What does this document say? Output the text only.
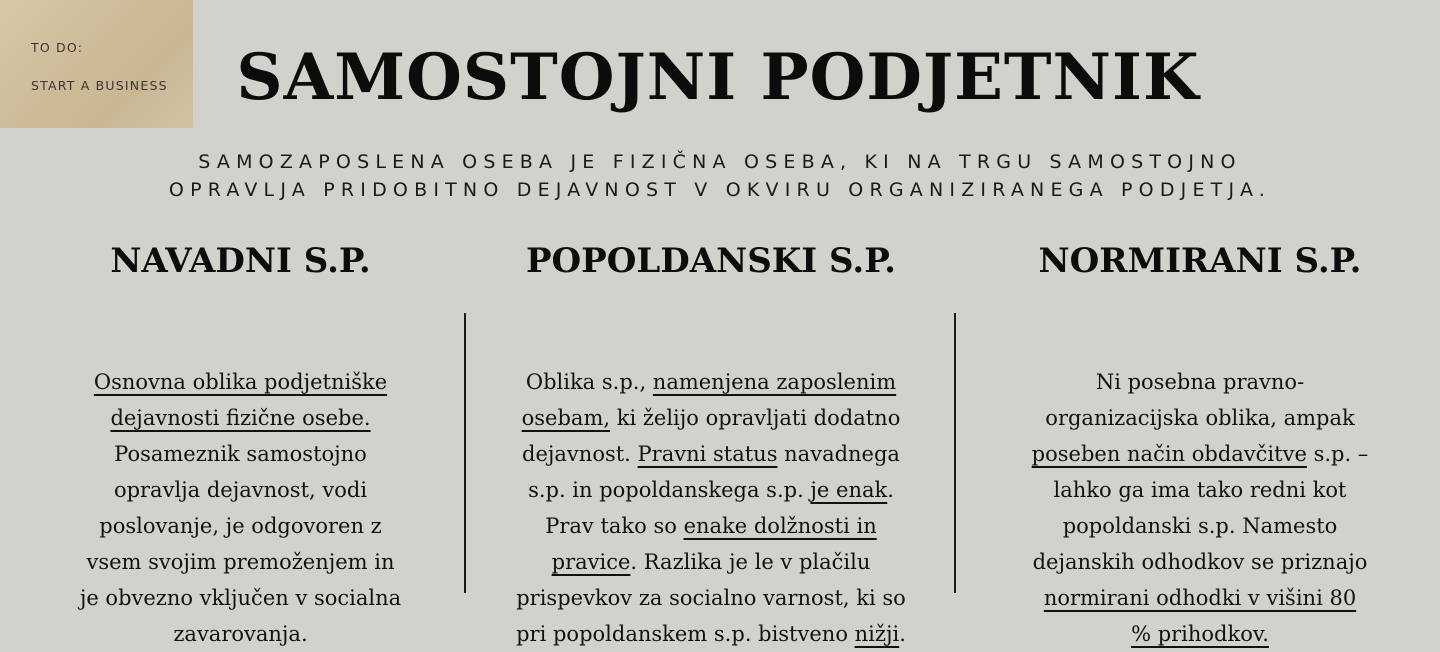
TO DO:
START A BUSINESS	SAMOSTOJNI PODJETNIK
SAMOZAPOSLENA OSEBA JE FIZIČNA OSEBA, KI NA TRGU SAMOSTOJNO
OPRAVLJA PRIDOBITNO DEJAVNOST V OKVIRU ORGANIZIRANEGA PODJETJA.
NAVADNI S.P.
Osnovna oblika podjetniške
dejavnosti fizične osebe.
Posameznik samostojno
opravlja dejavnost, vodi
poslovanje, je odgovoren z
vsem svojim premoženjem in
je obvezno vključen v socialna
zavarovanja.
POPOLDANSKI S.P.
Oblika s.p., namenjena zaposlenim
osebam, ki želijo opravljati dodatno
dejavnost. Pravni status navadnega
s.p. in popoldanskega s.p. je enak.
Prav tako so enake dolžnosti in
pravice. Razlika je le v plačilu
prispevkov za socialno varnost, ki so
pri popoldanskem s.p. bistveno nižji.
NORMIRANI S.P.
Ni posebna pravno-
organizacijska oblika, ampak
poseben način obdavčitve s.p. –
lahko ga ima tako redni kot
popoldanski s.p. Namesto
dejanskih odhodkov se priznajo
normirani odhodki v višini 80
% prihodkov.
